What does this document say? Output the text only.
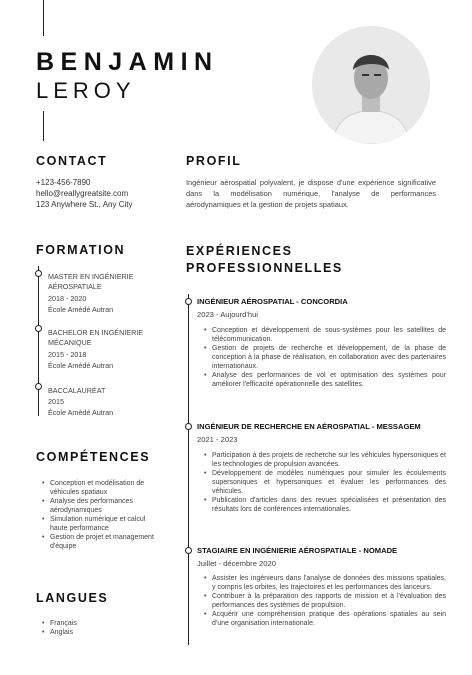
BENJAMIN
LEROY
CONTACT
+123-456-7890
hello@reallygreatsite.com
123 Anywhere St., Any City
PROFIL
Ingénieur aérospatial polyvalent, je dispose d'une expérience significative dans la modélisation numérique, l'analyse de performances aérodynamiques et la gestion de projets spatiaux.
FORMATION
MASTER EN INGÉNIERIE AÉROSPATIALE
2018 - 2020
École Amédé Autran
BACHELOR EN INGÉNIERIE MÉCANIQUE
2015 - 2018
École Amédé Autran
BACCALAURÉAT
2015
École Amédé Autran
COMPÉTENCES
• Conception et modélisation de véhicules spatiaux
• Analyse des performances aérodynamiques
• Simulation numérique et calcul haute performance
• Gestion de projet et management d'équipe
LANGUES
• Français
• Anglais
EXPÉRIENCES
PROFESSIONNELLES
INGÉNIEUR AÉROSPATIAL - CONCORDIA
2023 - Aujourd'hui
• Conception et développement de sous-systèmes pour les satellites de télécommunication.
• Gestion de projets de recherche et développement, de la phase de conception à la phase de réalisation, en collaboration avec des partenaires internationaux.
• Analyse des performances de vol et optimisation des systèmes pour améliorer l'efficacité opérationnelle des satellites.
INGÉNIEUR DE RECHERCHE EN AÉROSPATIAL - MESSAGEM
2021 - 2023
• Participation à des projets de recherche sur les véhicules hypersoniques et les technologies de propulsion avancées.
• Développement de modèles numériques pour simuler les écoulements supersoniques et hypersoniques et évaluer les performances des véhicules.
• Publication d'articles dans des revues spécialisées et présentation des résultats lors de conférences internationales.
STAGIAIRE EN INGÉNIERIE AÉROSPATIALE - NOMADE
Juillet - décembre 2020
• Assister les ingénieurs dans l'analyse de données des missions spatiales, y compris les orbites, les trajectoires et les performances des lanceurs.
• Contribuer à la préparation des rapports de mission et à l'évaluation des performances des systèmes de propulsion.
• Acquérir une compréhension pratique des opérations spatiales au sein d'une organisation internationale.
